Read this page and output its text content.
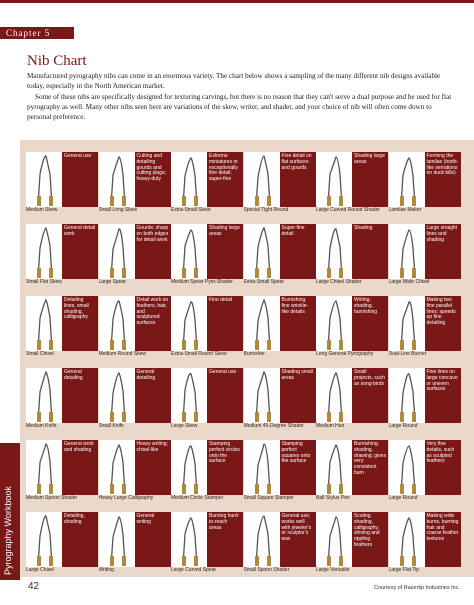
Chapter 5
Nib Chart

Manufactured pyrography nibs can come in an enormous variety. The chart below shows a sampling of the many different nib designs available today, especially in the North American market.

Some of these nibs are specifically designed for texturing carvings, but there is no reason that they can't serve a dual purpose and be used for flat pyrography as well. Many other nibs seen here are variations of the skew, writer, and shader, and your choice of nib will often come down to personal preference.

General use
Medium Skew
Cutting and detailing gourds and cutting plugs; heavy-duty
Small Long Skew
Extreme miniatures or exceptionally fine detail; super-fine
Extra-Small Skew
Fine detail on flat surfaces and gourds
Special Tight Round
Shading large areas
Large Curved Round Shader
Forming the lamilae (tooth-like serrations on duck bills)
Lamilae Maker
General detail work
Small Flat Skew
Gourds; sharp on both edges for detail work
Large Spear
Shading large areas
Medium Spear Pyro-Shader
Super-fine detail
Extra-Small Spear
Shading
Large Chisel Shader
Large straight lines and shading
Large Wide Chisel
Detailing lines, small shading, calligraphy
Small Chisel
Detail work on feathers, hair, and sculptured surfaces
Medium Round Skew
Fine detail
Extra-Small Round Skew
Burnishing, fine wrinkle-like details
Burnisher
Writing, shading, burnishing
Long General Pyrography
Making two fine parallel lines; speeds up fine detailing
Dual-Line Burner
General detailing
Medium Knife
General detailing
Small Knife
General use
Large Skew
Shading small areas
Medium 45-Degree Shader
Small projects, such as song-birds
Medium Hair
Fine lines on large concave or uneven surfaces
Large Round
General work and shading
Medium Spoon Shader
Heavy writing; chisel-like
Heavy Large Calligraphy
Stamping perfect circles onto the surface
Medium Circle Stamper
Stamping perfect squares onto the surface
Small Square Stamper
Burnishing, shading, drawing; gives very consistent burn
Ball Stylus Pen
Very fine details, such as sculpted feathers
Large Round
Detailing, shading
Large Chisel
General writing
Writing
Burning hard-to-reach areas
Large Curved Spear
General use; works well with jeweler's or sculptor's wax
Small Spoon Shader
Scaling, shading, calligraphy, shining and rippling feathers
Large Versatile
Making wide burns, burning hair and coarse feather textures
Large Flat Tip
Pyrography Workbook
42	Courtesy of Razertip Industries Inc.
